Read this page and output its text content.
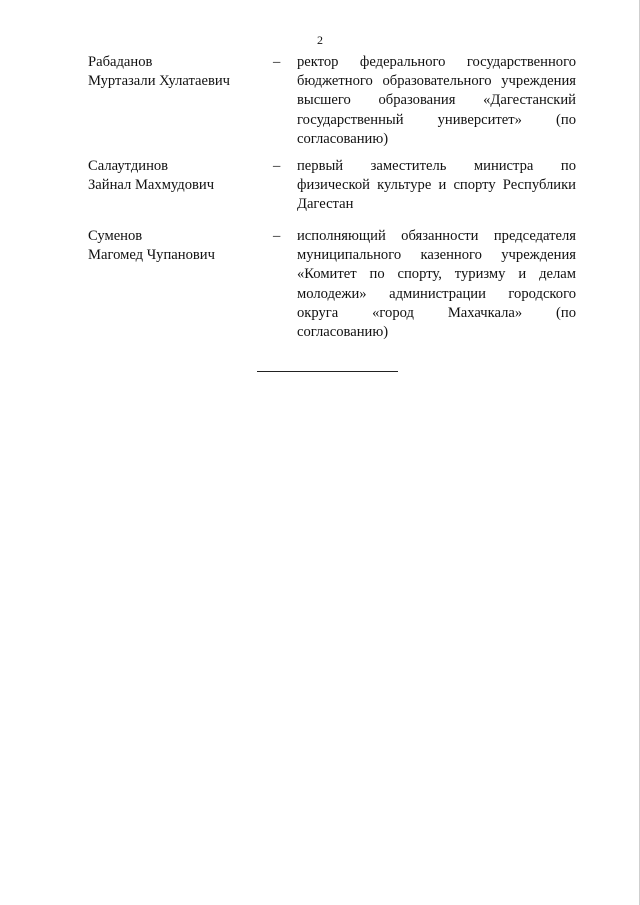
2
Рабаданов
Муртазали Хулатаевич
– ректор федерального государственного
бюджетного образовательного учреждения
высшего образования «Дагестанский
государственный университет» (по
согласованию)
Салаутдинов
Зайнал Махмудович
– первый заместитель министра по
физической культуре и спорту Республики
Дагестан
Суменов
Магомед Чупанович
– исполняющий обязанности председателя
муниципального казенного учреждения
«Комитет по спорту, туризму и делам
молодежи» администрации городского
округа «город Махачкала» (по
согласованию)
